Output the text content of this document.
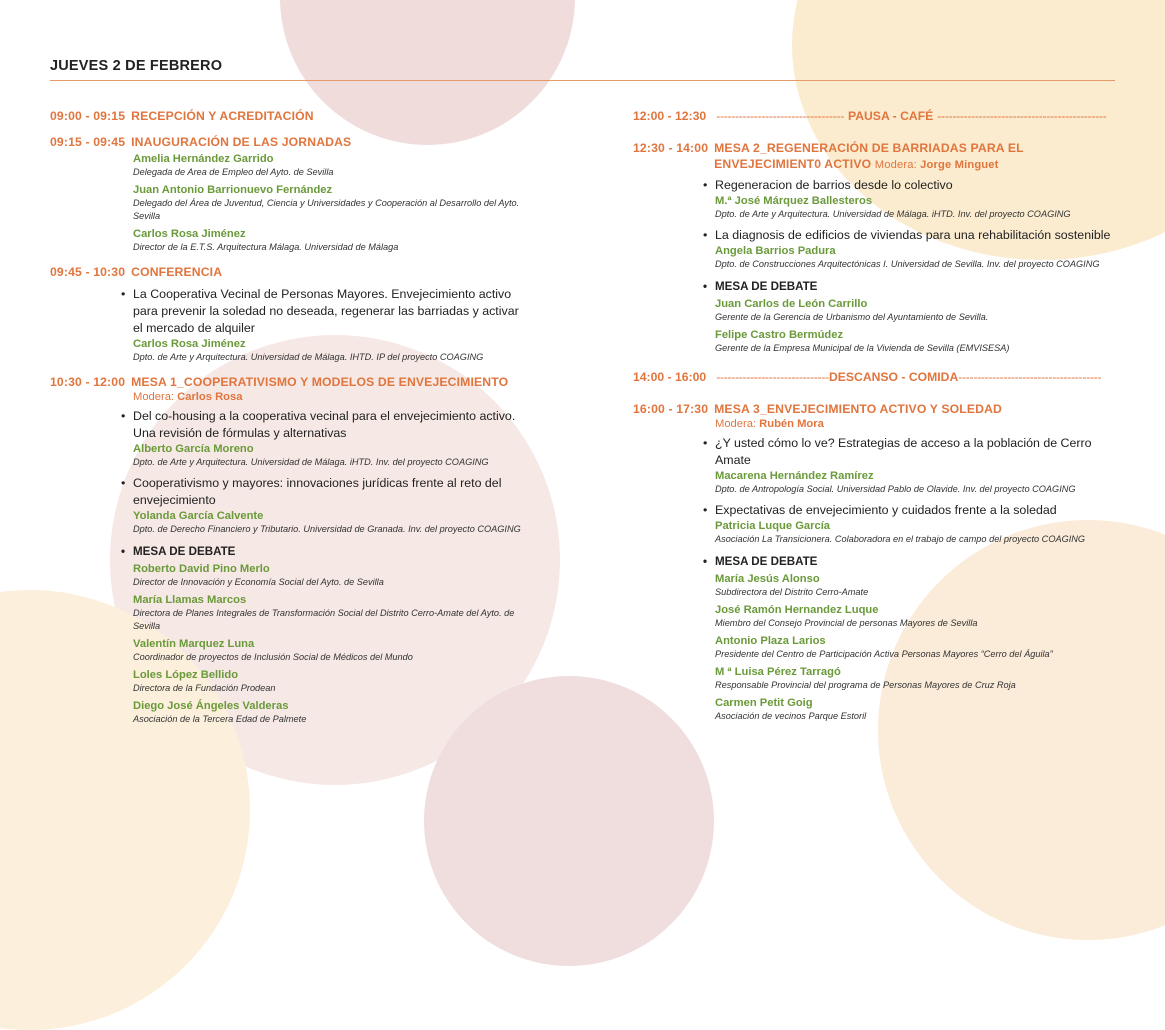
JUEVES 2 DE FEBRERO
09:00 - 09:15 RECEPCIÓN Y ACREDITACIÓN
09:15 - 09:45 INAUGURACIÓN DE LAS JORNADAS
Amelia Hernández Garrido
Delegada de Area de Empleo del Ayto. de Sevilla
Juan Antonio Barrionuevo Fernández
Delegado del Área de Juventud, Ciencia y Universidades y Cooperación al Desarrollo del Ayto. Sevilla
Carlos Rosa Jiménez
Director de la E.T.S. Arquitectura Málaga. Universidad de Málaga
09:45 - 10:30 CONFERENCIA
• La Cooperativa Vecinal de Personas Mayores. Envejecimiento activo para prevenir la soledad no deseada, regenerar las barriadas y activar el mercado de alquiler
Carlos Rosa Jiménez
Dpto. de Arte y Arquitectura. Universidad de Málaga. IHTD. IP del proyecto COAGING
10:30 - 12:00 MESA 1_COOPERATIVISMO Y MODELOS DE ENVEJECIMIENTO
Modera: Carlos Rosa
• Del co-housing a la cooperativa vecinal para el envejecimiento activo. Una revisión de fórmulas y alternativas
Alberto García Moreno
Dpto. de Arte y Arquitectura. Universidad de Málaga. iHTD. Inv. del proyecto COAGING
• Cooperativismo y mayores: innovaciones jurídicas frente al reto del envejecimiento
Yolanda García Calvente
Dpto. de Derecho Financiero y Tributario. Universidad de Granada. Inv. del proyecto COAGING
• MESA DE DEBATE
Roberto David Pino Merlo
Director de Innovación y Economía Social del Ayto. de Sevilla
María Llamas Marcos
Directora de Planes Integrales de Transformación Social del Distrito Cerro-Amate del Ayto. de Sevilla
Valentín Marquez Luna
Coordinador de proyectos de Inclusión Social de Médicos del Mundo
Loles López Bellido
Directora de la Fundación Prodean
Diego José Ángeles Valderas
Asociación de la Tercera Edad de Palmete
12:00 - 12:30 ---------------------------------- PAUSA - CAFÉ ---------------------------------------------
12:30 - 14:00 MESA 2_REGENERACIÓN DE BARRIADAS PARA EL ENVEJECIMIENT0 ACTIVO Modera: Jorge Minguet
• Regeneracion de barrios desde lo colectivo
M.ª José Márquez Ballesteros
Dpto. de Arte y Arquitectura. Universidad de Málaga. iHTD. Inv. del proyecto COAGING
• La diagnosis de edificios de viviendas para una rehabilitación sostenible
Angela Barrios Padura
Dpto. de Construcciones Arquitectónicas I. Universidad de Sevilla. Inv. del proyecto COAGING
• MESA DE DEBATE
Juan Carlos de León Carrillo
Gerente de la Gerencia de Urbanismo del Ayuntamiento de Sevilla.
Felipe Castro Bermúdez
Gerente de la Empresa Municipal de la Vivienda de Sevilla (EMVISESA)
14:00 - 16:00 ------------------------------ DESCANSO - COMIDA --------------------------------------
16:00 - 17:30 MESA 3_ENVEJECIMIENTO ACTIVO Y SOLEDAD
Modera: Rubén Mora
• ¿Y usted cómo lo ve? Estrategias de acceso a la población de Cerro Amate
Macarena Hernández Ramírez
Dpto. de Antropología Social. Universidad Pablo de Olavide. Inv. del proyecto COAGING
• Expectativas de envejecimiento y cuidados frente a la soledad
Patricia Luque García
Asociación La Transicionera. Colaboradora en el trabajo de campo del proyecto COAGING
• MESA DE DEBATE
María Jesús Alonso
Subdirectora del Distrito Cerro-Amate
José Ramón Hernandez Luque
Miembro del Consejo Provincial de personas Mayores de Sevilla
Antonio Plaza Larios
Presidente del Centro de Participación Activa Personas Mayores “Cerro del Águila”
M ª Luisa Pérez Tarragó
Responsable Provincial del programa de Personas Mayores de Cruz Roja
Carmen Petit Goig
Asociación de vecinos Parque Estoril
